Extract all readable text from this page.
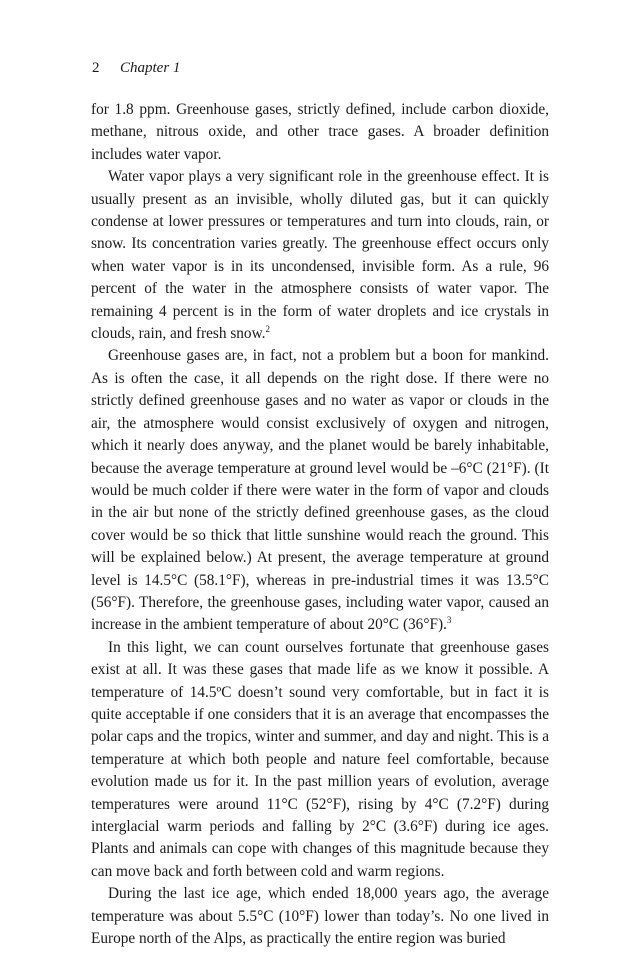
2 Chapter 1

for 1.8 ppm. Greenhouse gases, strictly defined, include carbon dioxide, methane, nitrous oxide, and other trace gases. A broader definition includes water vapor.

Water vapor plays a very significant role in the greenhouse effect. It is usually present as an invisible, wholly diluted gas, but it can quickly condense at lower pressures or temperatures and turn into clouds, rain, or snow. Its concentration varies greatly. The greenhouse effect occurs only when water vapor is in its uncondensed, invisible form. As a rule, 96 percent of the water in the atmosphere consists of water vapor. The remaining 4 percent is in the form of water droplets and ice crystals in clouds, rain, and fresh snow.$^2$

Greenhouse gases are, in fact, not a problem but a boon for mankind. As is often the case, it all depends on the right dose. If there were no strictly defined greenhouse gases and no water as vapor or clouds in the air, the atmosphere would consist exclusively of oxygen and nitrogen, which it nearly does anyway, and the planet would be barely inhabitable, because the average temperature at ground level would be –6°C (21°F). (It would be much colder if there were water in the form of vapor and clouds in the air but none of the strictly defined greenhouse gases, as the cloud cover would be so thick that little sunshine would reach the ground. This will be explained below.) At present, the average temperature at ground level is 14.5°C (58.1°F), whereas in pre-industrial times it was 13.5°C (56°F). Therefore, the greenhouse gases, including water vapor, caused an increase in the ambient temperature of about 20°C (36°F).$^3$

In this light, we can count ourselves fortunate that greenhouse gases exist at all. It was these gases that made life as we know it possible. A temperature of 14.5ºC doesn’t sound very comfortable, but in fact it is quite acceptable if one considers that it is an average that encompasses the polar caps and the tropics, winter and summer, and day and night. This is a temperature at which both people and nature feel comfortable, because evolution made us for it. In the past million years of evolution, average temperatures were around 11°C (52°F), rising by 4°C (7.2°F) during interglacial warm periods and falling by 2°C (3.6°F) during ice ages. Plants and animals can cope with changes of this magnitude because they can move back and forth between cold and warm regions.

During the last ice age, which ended 18,000 years ago, the average temperature was about 5.5°C (10°F) lower than today’s. No one lived in Europe north of the Alps, as practically the entire region was buried
